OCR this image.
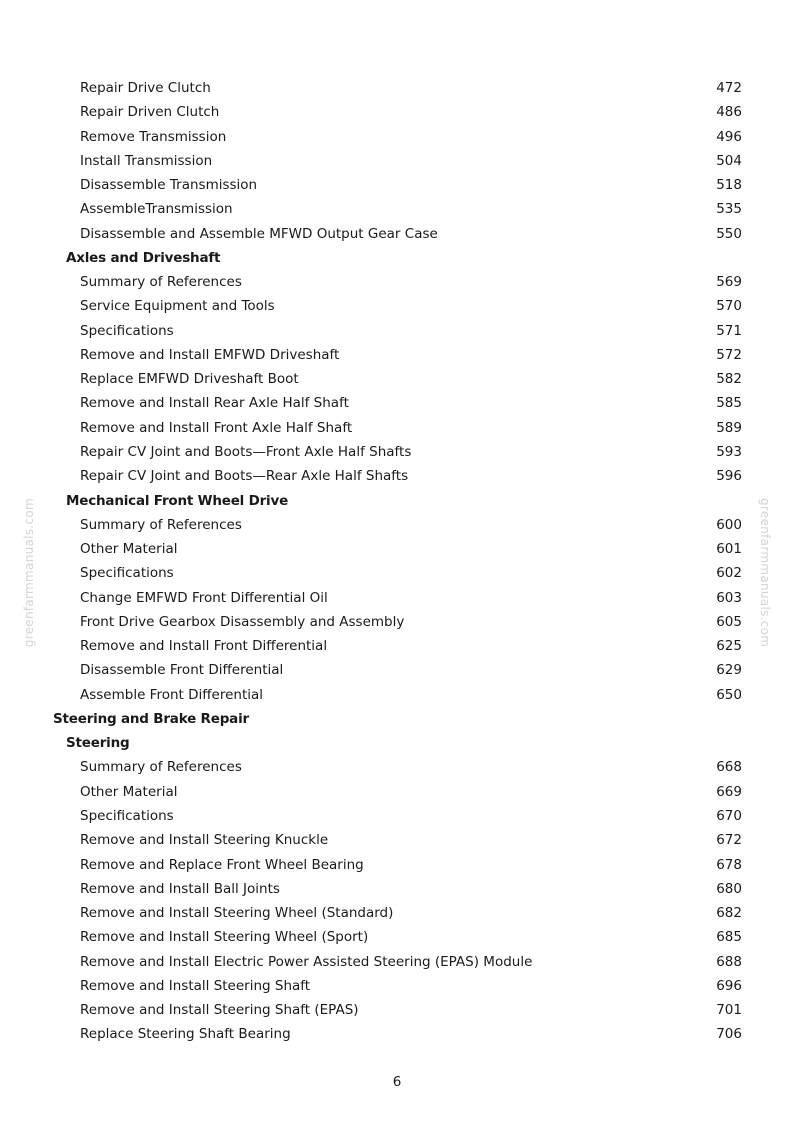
greenfarmmanuals.com	greenfarmmanuals.com
Repair Drive Clutch	472
Repair Driven Clutch	486
Remove Transmission	496
Install Transmission	504
Disassemble Transmission	518
AssembleTransmission	535
Disassemble and Assemble MFWD Output Gear Case	550
Axles and Driveshaft
Summary of References	569
Service Equipment and Tools	570
Specifications	571
Remove and Install EMFWD Driveshaft	572
Replace EMFWD Driveshaft Boot	582
Remove and Install Rear Axle Half Shaft	585
Remove and Install Front Axle Half Shaft	589
Repair CV Joint and Boots—Front Axle Half Shafts	593
Repair CV Joint and Boots—Rear Axle Half Shafts	596
Mechanical Front Wheel Drive
Summary of References	600
Other Material	601
Specifications	602
Change EMFWD Front Differential Oil	603
Front Drive Gearbox Disassembly and Assembly	605
Remove and Install Front Differential	625
Disassemble Front Differential	629
Assemble Front Differential	650
Steering and Brake Repair
Steering
Summary of References	668
Other Material	669
Specifications	670
Remove and Install Steering Knuckle	672
Remove and Replace Front Wheel Bearing	678
Remove and Install Ball Joints	680
Remove and Install Steering Wheel (Standard)	682
Remove and Install Steering Wheel (Sport)	685
Remove and Install Electric Power Assisted Steering (EPAS) Module	688
Remove and Install Steering Shaft	696
Remove and Install Steering Shaft (EPAS)	701
Replace Steering Shaft Bearing	706
6
